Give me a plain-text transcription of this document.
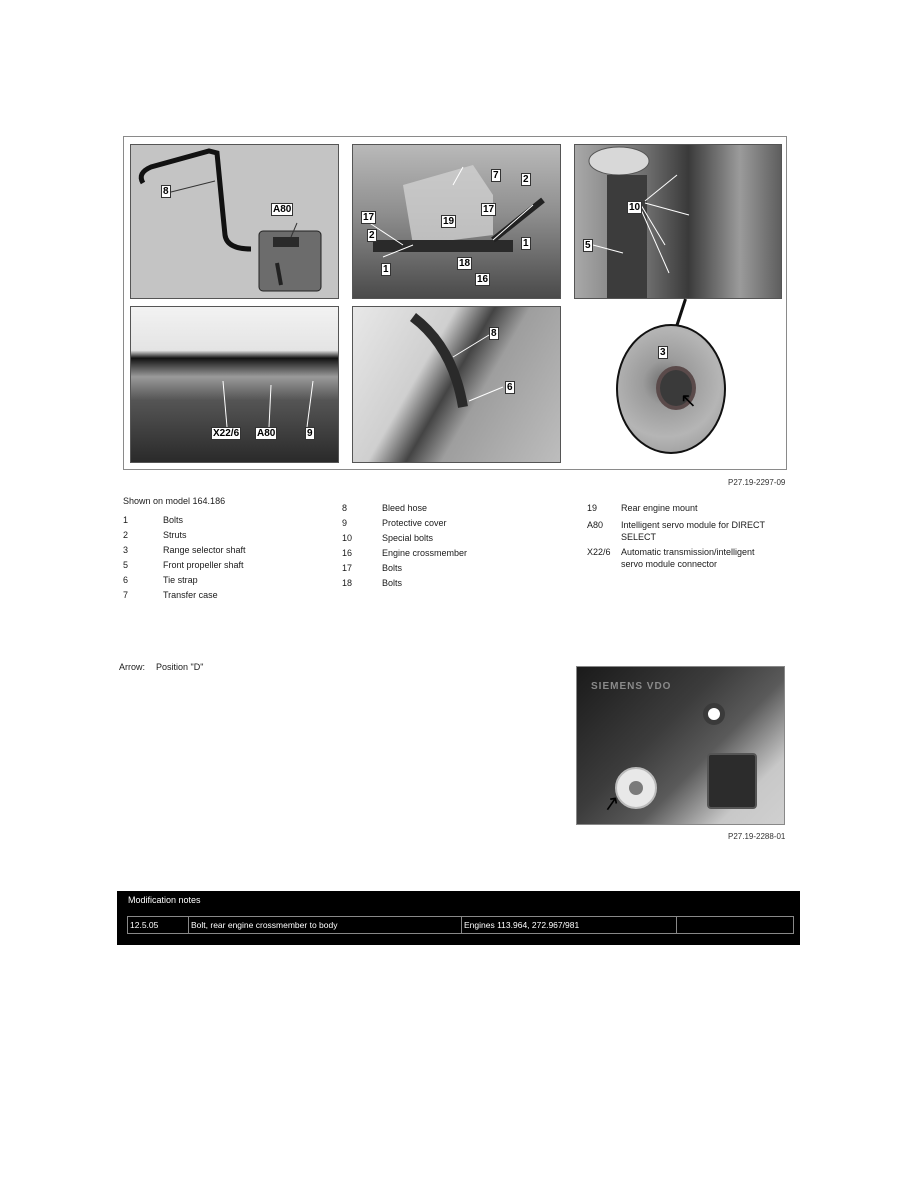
8
A80
7 2
17
17
19
2
1
1
18
16
10
5
3
↖
X22/6 A80	9
8
6
P27.19-2297-09
Shown on model 164.186
1	Bolts
2	Struts
3	Range selector shaft
5	Front propeller shaft
6	Tie strap
7	Transfer case
8	Bleed hose
9	Protective cover
10	Special bolts
16	Engine crossmember
17	Bolts
18	Bolts
19	Rear engine mount
A80	Intelligent servo module for DIRECT SELECT
X22/6	Automatic transmission/intelligent servo module connector
Arrow:	Position "D"
SIEMENS VDO
↗
P27.19-2288-01
Modification notes
12.5.05	Bolt, rear engine crossmember to body	Engines 113.964, 272.967/981	
